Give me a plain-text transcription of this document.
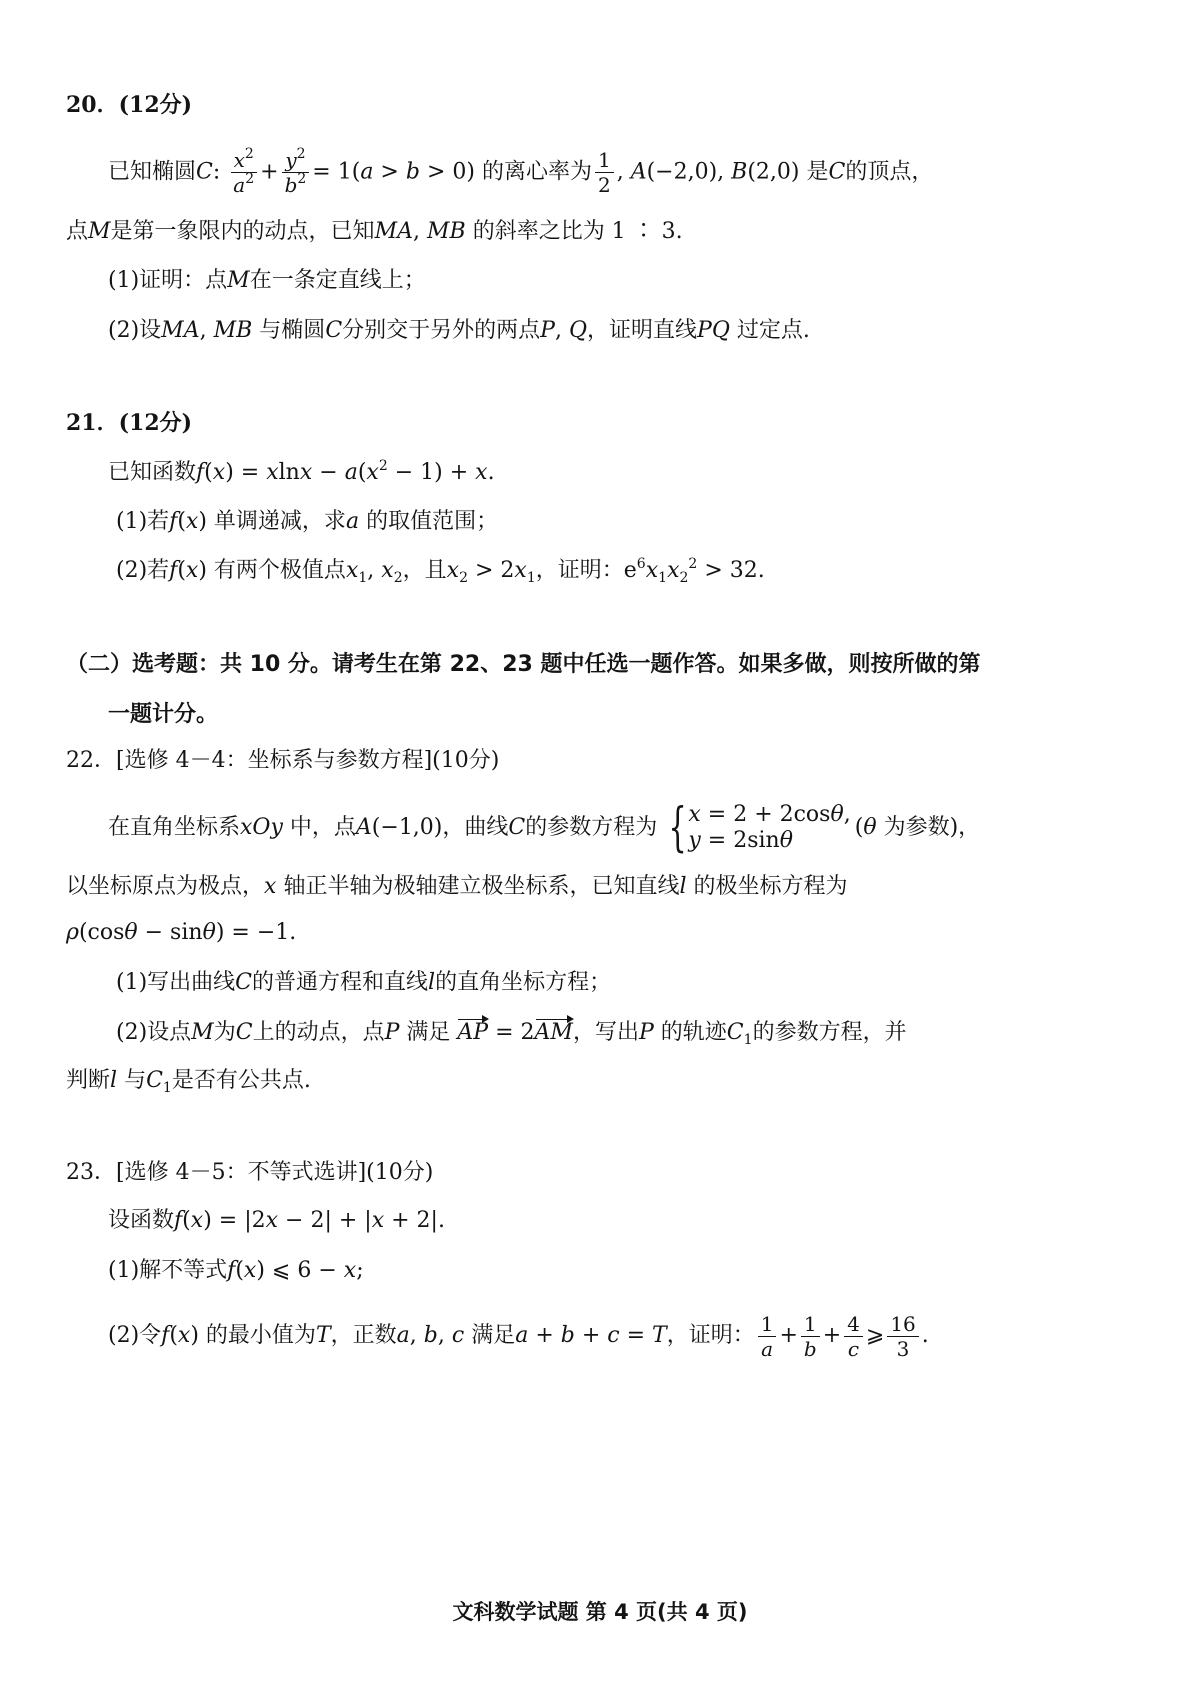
20．(12分)
已知椭圆C: $\frac{x^2}{a^2} + \frac{y^2}{b^2} = 1(a > b > 0)$ 的离心率为 $\frac{1}{2}$ , A(−2,0), B(2,0) 是C的顶点，
点M是第一象限内的动点，已知MA, MB 的斜率之比为 1 ∶ 3.
(1)证明：点M在一条定直线上；
(2)设MA, MB 与椭圆C分别交于另外的两点P, Q，证明直线PQ 过定点.
21．(12分)
已知函数$f(x) = xlnx - a(x^2 - 1) + x$.
(1)若f(x) 单调递减，求a 的取值范围；
(2)若f(x) 有两个极值点$x_1$, $x_2$，且$x_2 > 2x_1$，证明：$e^6x_1x_2^2 > 32$.
（二）选考题：共 10 分。请考生在第 22、23 题中任选一题作答。如果多做，则按所做的第
一题计分。
22．[选修 4－4：坐标系与参数方程](10分)
在直角坐标系xOy 中，点A(−1,0)，曲线C的参数方程为 { x = 2 + 2cosθ,
y = 2sinθ
(θ 为参数)，
以坐标原点为极点，x 轴正半轴为极轴建立极坐标系，已知直线l 的极坐标方程为
ρ(cosθ − sinθ) = −1.
(1)写出曲线C的普通方程和直线l的直角坐标方程；
(2)设点M为C上的动点，点P 满足 AP = 2AM，写出P 的轨迹$C_1$的参数方程，并
判断l 与$C_1$是否有公共点.
23．[选修 4－5：不等式选讲](10分)
设函数f(x) = |2x − 2| + |x + 2|.
(1)解不等式f(x) ⩽ 6 − x;
(2)令f(x) 的最小值为T，正数a, b, c 满足a + b + c = T，证明： $\frac{1}{a} + \frac{1}{b} + \frac{4}{c}$ ⩾ $\frac{16}{3}$ .
文科数学试题 第 4 页(共 4 页)
